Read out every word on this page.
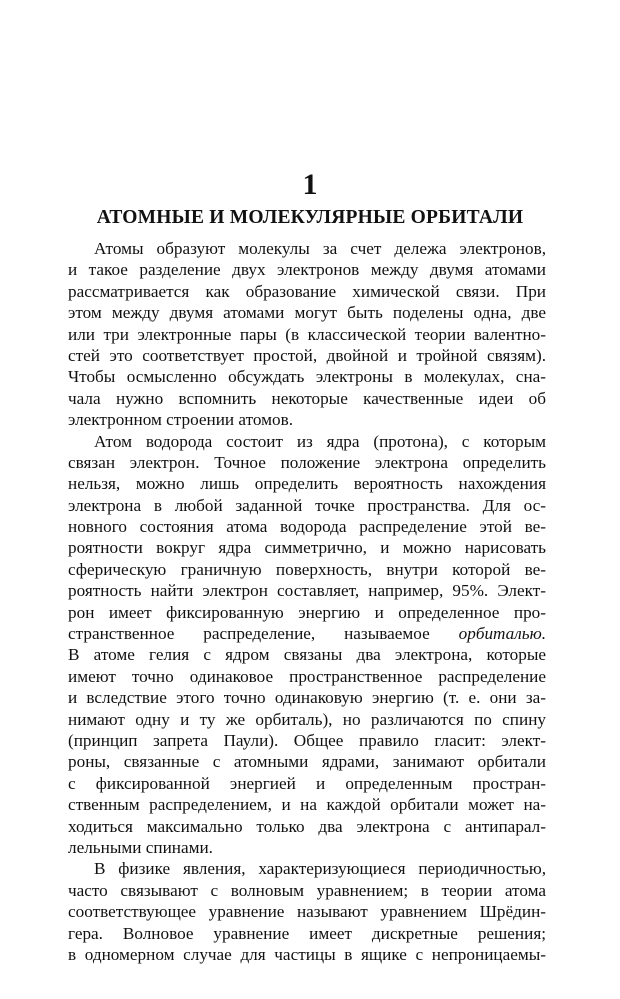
1
АТОМНЫЕ И МОЛЕКУЛЯРНЫЕ ОРБИТАЛИ
Атомы образуют молекулы за счет дележа электронов,
и такое разделение двух электронов между двумя атомами
рассматривается как образование химической связи. При
этом между двумя атомами могут быть поделены одна, две
или три электронные пары (в классической теории валентно-
стей это соответствует простой, двойной и тройной связям).
Чтобы осмысленно обсуждать электроны в молекулах, сна-
чала нужно вспомнить некоторые качественные идеи об
электронном строении атомов.
Атом водорода состоит из ядра (протона), с которым
связан электрон. Точное положение электрона определить
нельзя, можно лишь определить вероятность нахождения
электрона в любой заданной точке пространства. Для ос-
новного состояния атома водорода распределение этой ве-
роятности вокруг ядра симметрично, и можно нарисовать
сферическую граничную поверхность, внутри которой ве-
роятность найти электрон составляет, например, 95%. Элект-
рон имеет фиксированную энергию и определенное про-
странственное распределение, называемое орбиталью.
В атоме гелия с ядром связаны два электрона, которые
имеют точно одинаковое пространственное распределение
и вследствие этого точно одинаковую энергию (т. е. они за-
нимают одну и ту же орбиталь), но различаются по спину
(принцип запрета Паули). Общее правило гласит: элект-
роны, связанные с атомными ядрами, занимают орбитали
с фиксированной энергией и определенным простран-
ственным распределением, и на каждой орбитали может на-
ходиться максимально только два электрона с антипарал-
лельными спинами.
В физике явления, характеризующиеся периодичностью,
часто связывают с волновым уравнением; в теории атома
соответствующее уравнение называют уравнением Шрёдин-
гера. Волновое уравнение имеет дискретные решения;
в одномерном случае для частицы в ящике с непроницаемы-
